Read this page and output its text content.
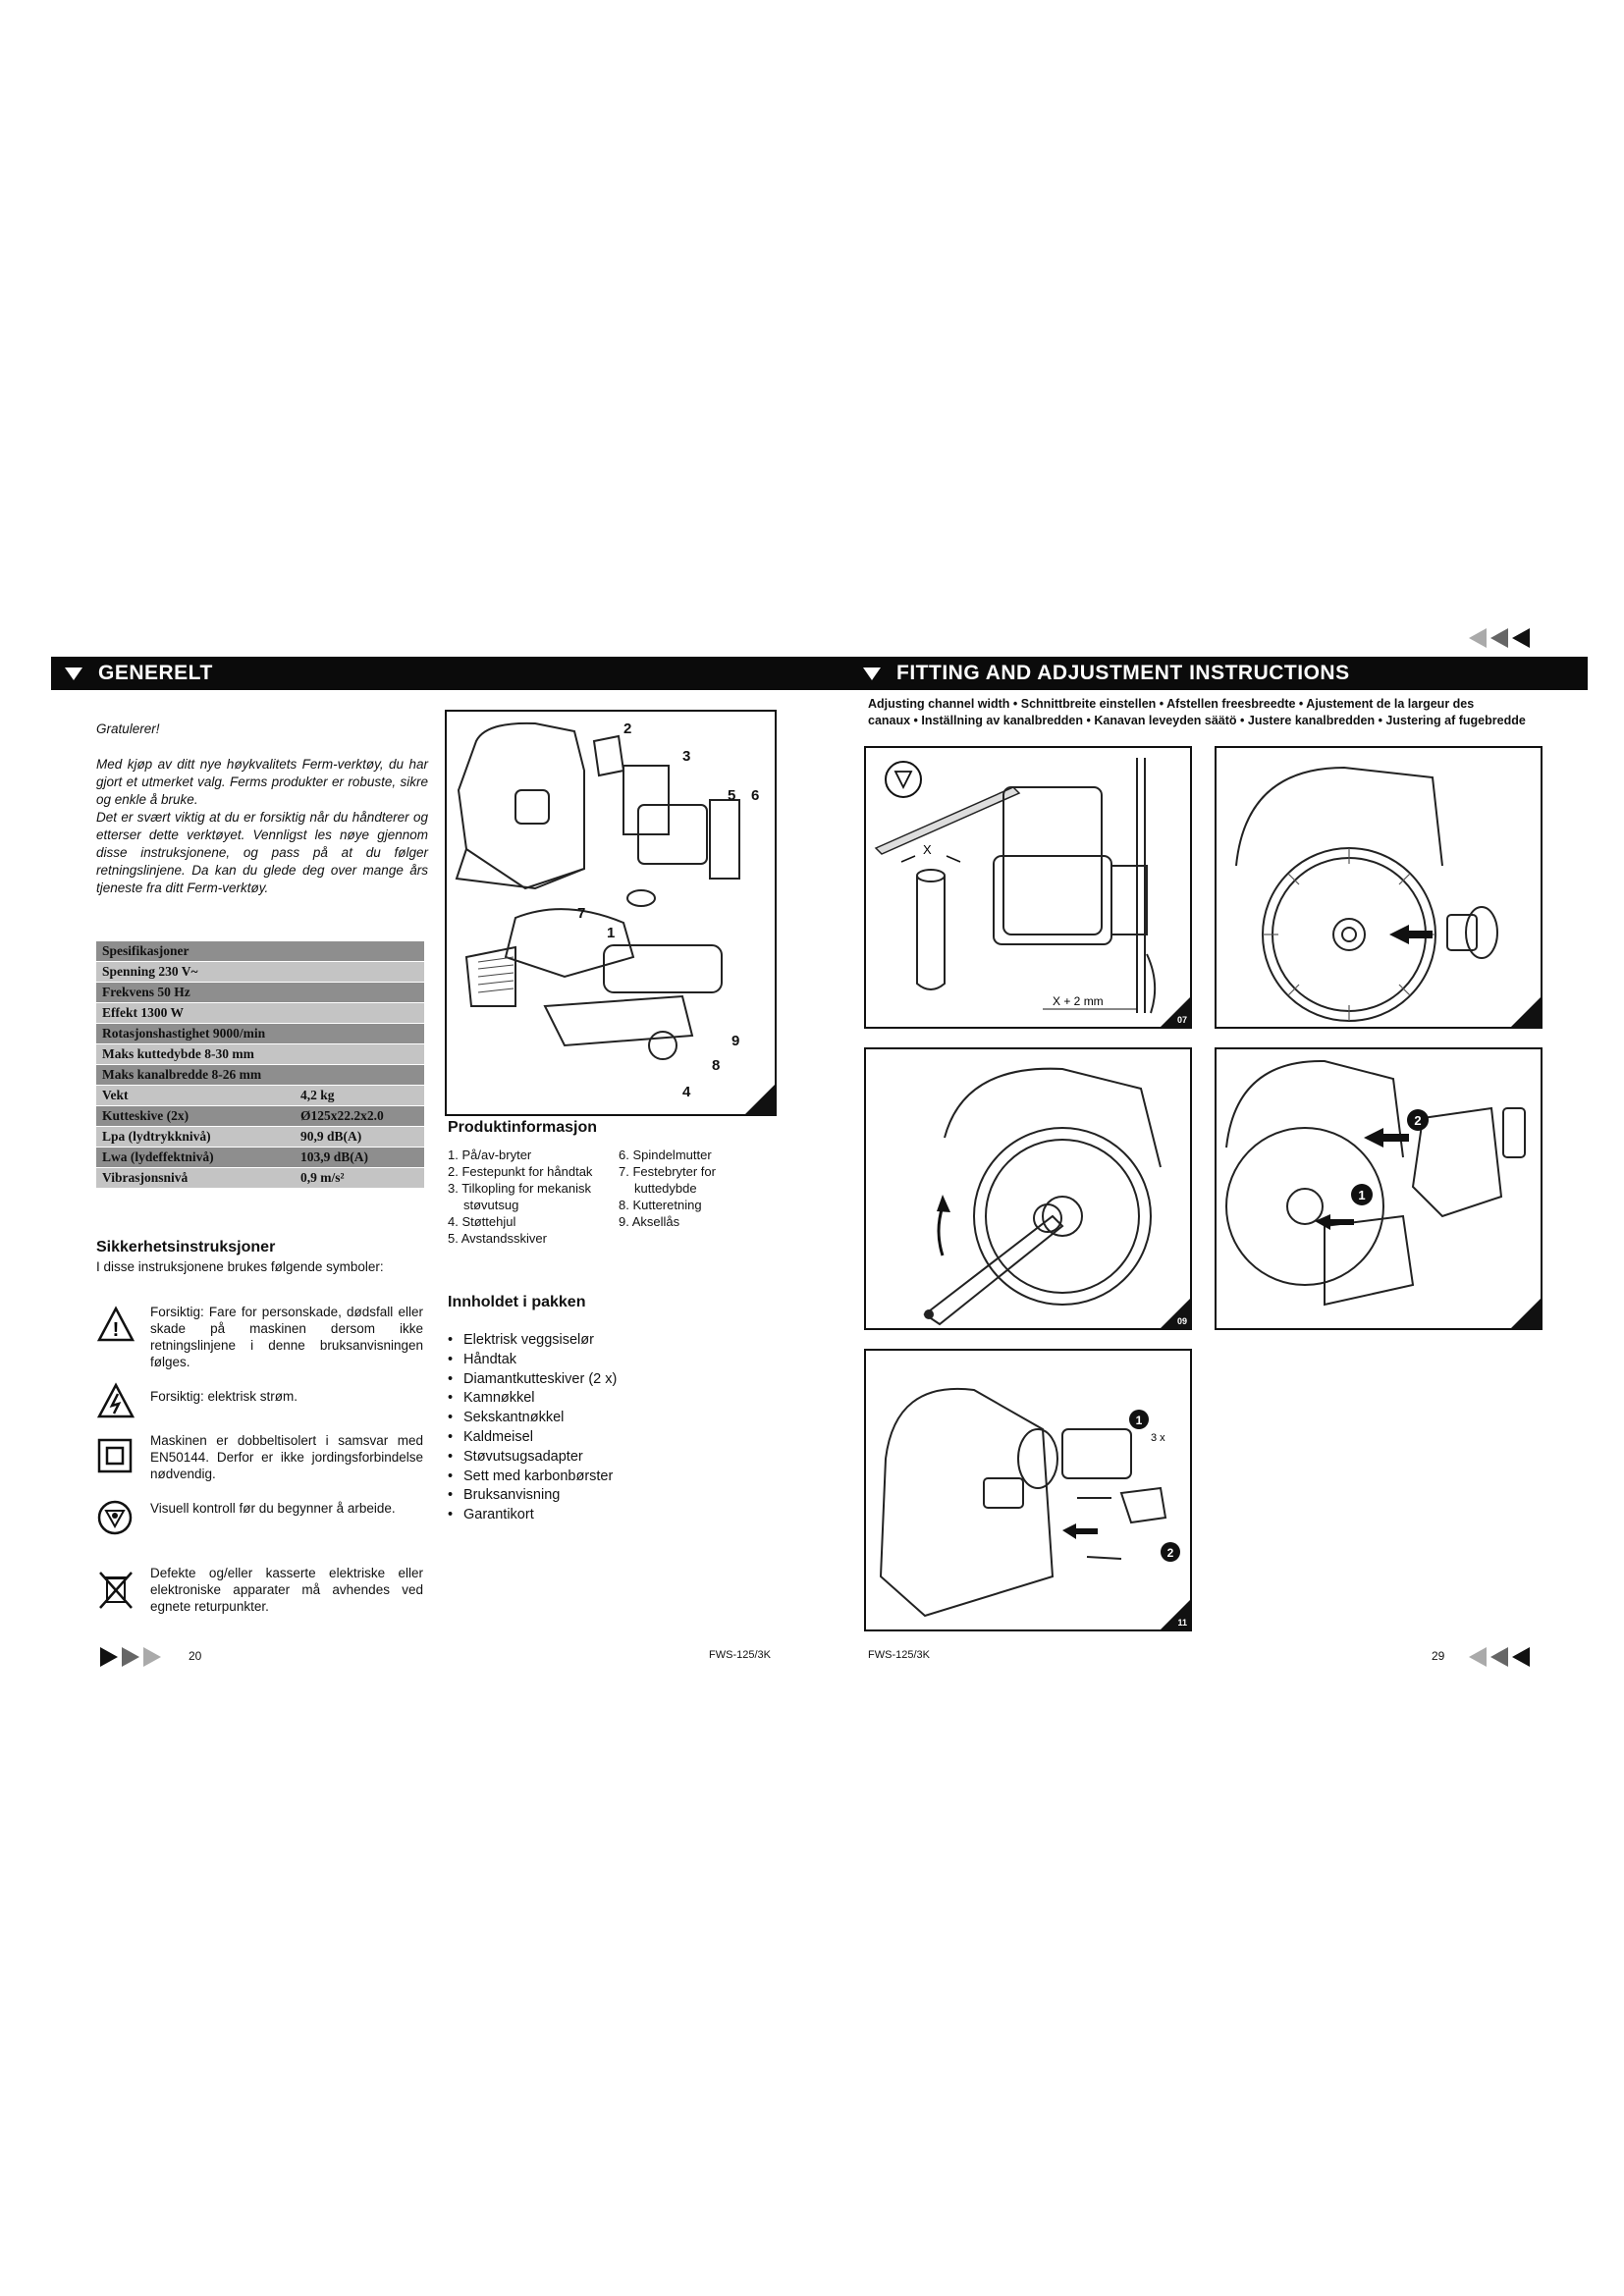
GENERELT	FITTING AND ADJUSTMENT INSTRUCTIONS

Gratulerer!

Med kjøp av ditt nye høykvalitets Ferm-verktøy, du har gjort et utmerket valg. Ferms produkter er robuste, sikre og enkle å bruke.

Det er svært viktig at du er forsiktig når du håndterer og etterser dette verktøyet. Vennligst les nøye gjennom disse instruksjonene, og pass på at du følger retningslinjene. Da kan du glede deg over mange års tjeneste fra ditt Ferm-verktøy.

Spesifikasjoner	
Spenning 230 V~	
Frekvens 50 Hz	
Effekt 1300 W	
Rotasjonshastighet 9000/min	
Maks kuttedybde 8-30 mm	
Maks kanalbredde 8-26 mm	
Vekt	4,2 kg
Kutteskive (2x)	Ø125x22.2x2.0
Lpa (lydtrykknivå)	90,9 dB(A)
Lwa (lydeffektnivå)	103,9 dB(A)
Vibrasjonsnivå	0,9 m/s²
Sikkerhetsinstruksjoner
I disse instruksjonene brukes følgende symboler:
!
Forsiktig: Fare for personskade, dødsfall eller skade på maskinen dersom ikke retningslinjene i denne bruksanvisningen følges.
Forsiktig: elektrisk strøm.
Maskinen er dobbeltisolert i samsvar med EN50144. Derfor er ikke jordingsforbindelse nødvendig.
Visuell kontroll før du begynner å arbeide.
Defekte og/eller kasserte elektriske eller elektroniske apparater må avhendes ved egnete returpunkter.
2
3
5 6
7
1
9
8
4
Produktinformasjon
1. På/av-bryter
2. Festepunkt for håndtak
3. Tilkopling for mekanisk
støvutsug
4. Støttehjul
5. Avstandsskiver
6. Spindelmutter
7. Festebryter for
kuttedybde
8. Kutteretning
9. Aksellås
Innholdet i pakken
• Elektrisk veggsiselør
• Håndtak
• Diamantkutteskiver (2 x)
• Kamnøkkel
• Sekskantnøkkel
• Kaldmeisel
• Støvutsugsadapter
• Sett med karbonbørster
• Bruksanvisning
• Garantikort
20	FWS-125/3K
Adjusting channel width • Schnittbreite einstellen • Afstellen freesbreedte • Ajustement de la largeur des
canaux • Inställning av kanalbredden • Kanavan leveyden säätö • Justere kanalbredden • Justering af fugebredde
X
X + 2 mm
07
09
2
1
1
3 x
2
11
FWS-125/3K	29
